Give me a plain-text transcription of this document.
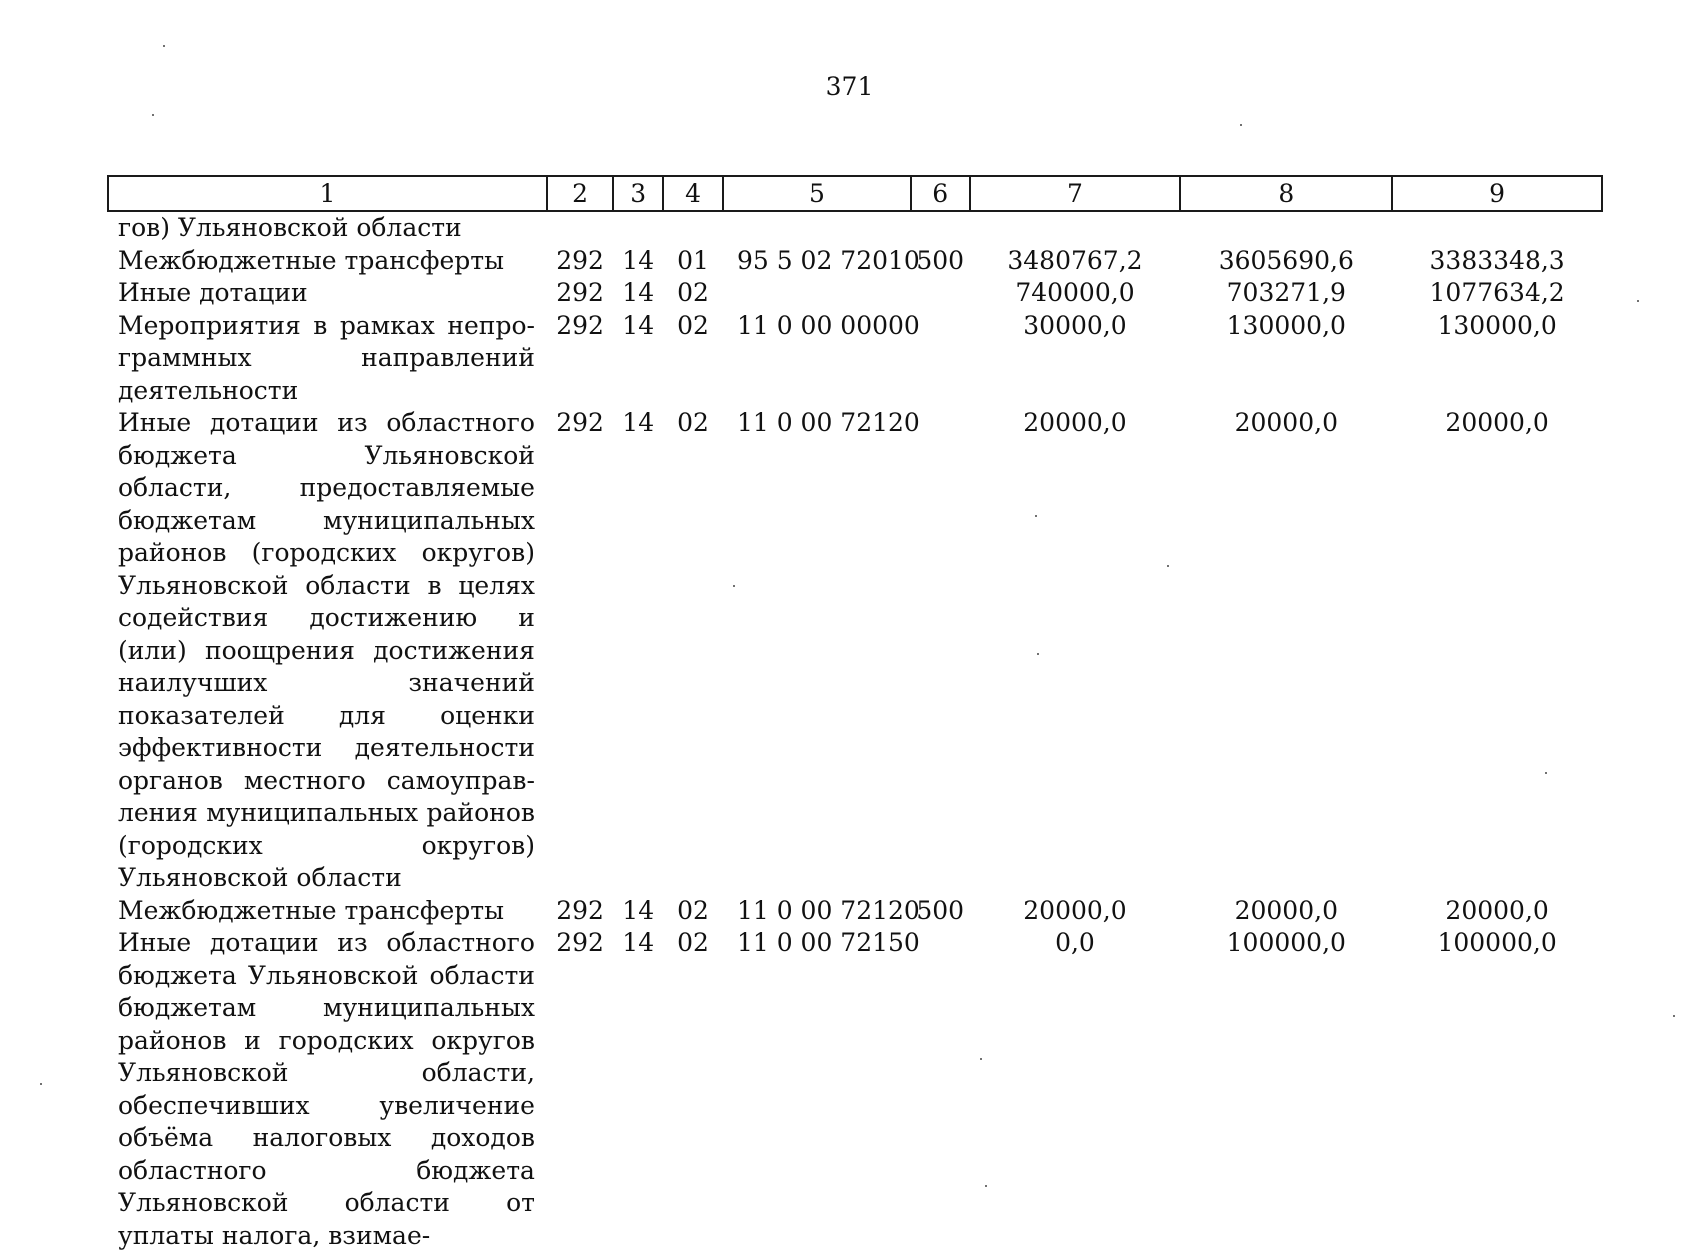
371
1	2	3	4	5	6	7	8	9
гов) Ульяновской области								
Межбюджетные трансферты	292	14	01	95 5 02 72010	500	3480767,2	3605690,6	3383348,3
Иные дотации	292	14	02			740000,0	703271,9	1077634,2
Мероприятия в рамках непрограммных направлений деятельности	292	14	02	11 0 00 00000		30000,0	130000,0	130000,0
Иные дотации из областного бюджета Ульяновской области, предоставляемые бюджетам муниципальных районов (городских округов) Ульяновской области в целях содействия достижению и (или) поощрения достижения наилучших значений показателей для оценки эффективности деятельности органов местного самоуправления муниципальных районов (городских округов) Ульяновской области	292	14	02	11 0 00 72120		20000,0	20000,0	20000,0
Межбюджетные трансферты	292	14	02	11 0 00 72120	500	20000,0	20000,0	20000,0
Иные дотации из областного бюджета Ульяновской области бюджетам муниципальных районов и городских округов Ульяновской области, обеспечивших увеличение объёма налоговых доходов областного бюджета Ульяновской области от уплаты налога, взимае-	292	14	02	11 0 00 72150		0,0	100000,0	100000,0
